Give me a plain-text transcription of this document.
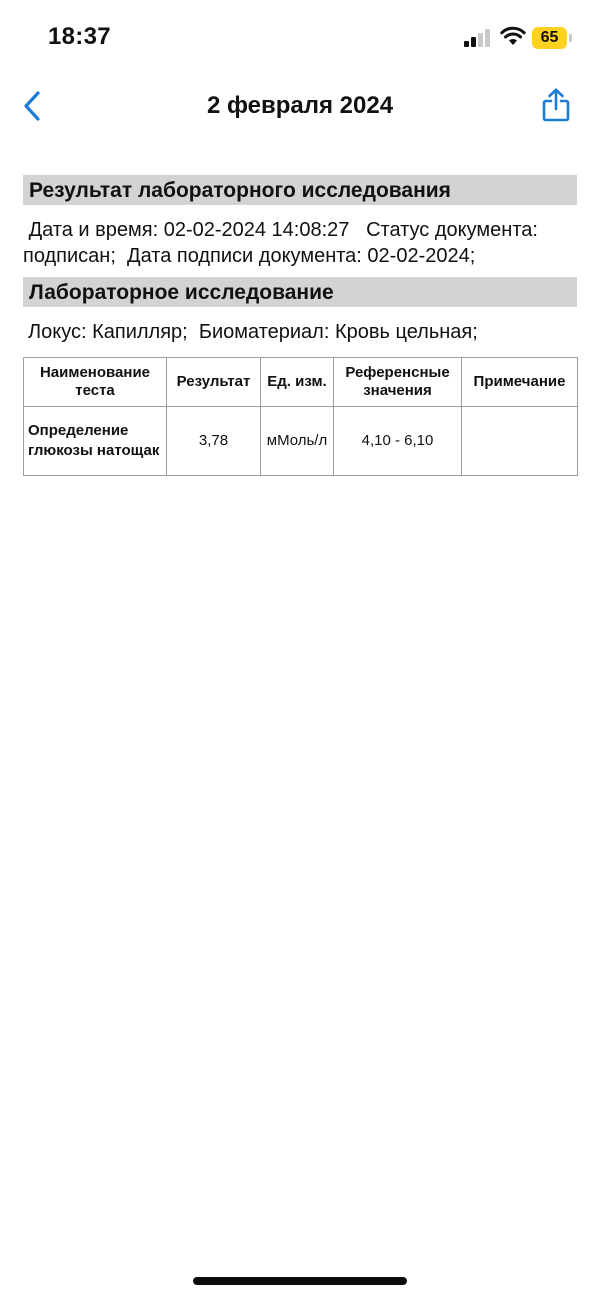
18:37	65
2 февраля 2024
Результат лабораторного исследования
Дата и время: 02-02-2024 14:08:27   Статус документа: подписан;  Дата подписи документа: 02-02-2024;
Лабораторное исследование
Локус: Капилляр;  Биоматериал: Кровь цельная;
Наименование теста	Результат	Ед. изм.	Референсные значения	Примечание
Определение глюкозы натощак	3,78	мМоль/л	4,10 - 6,10	
